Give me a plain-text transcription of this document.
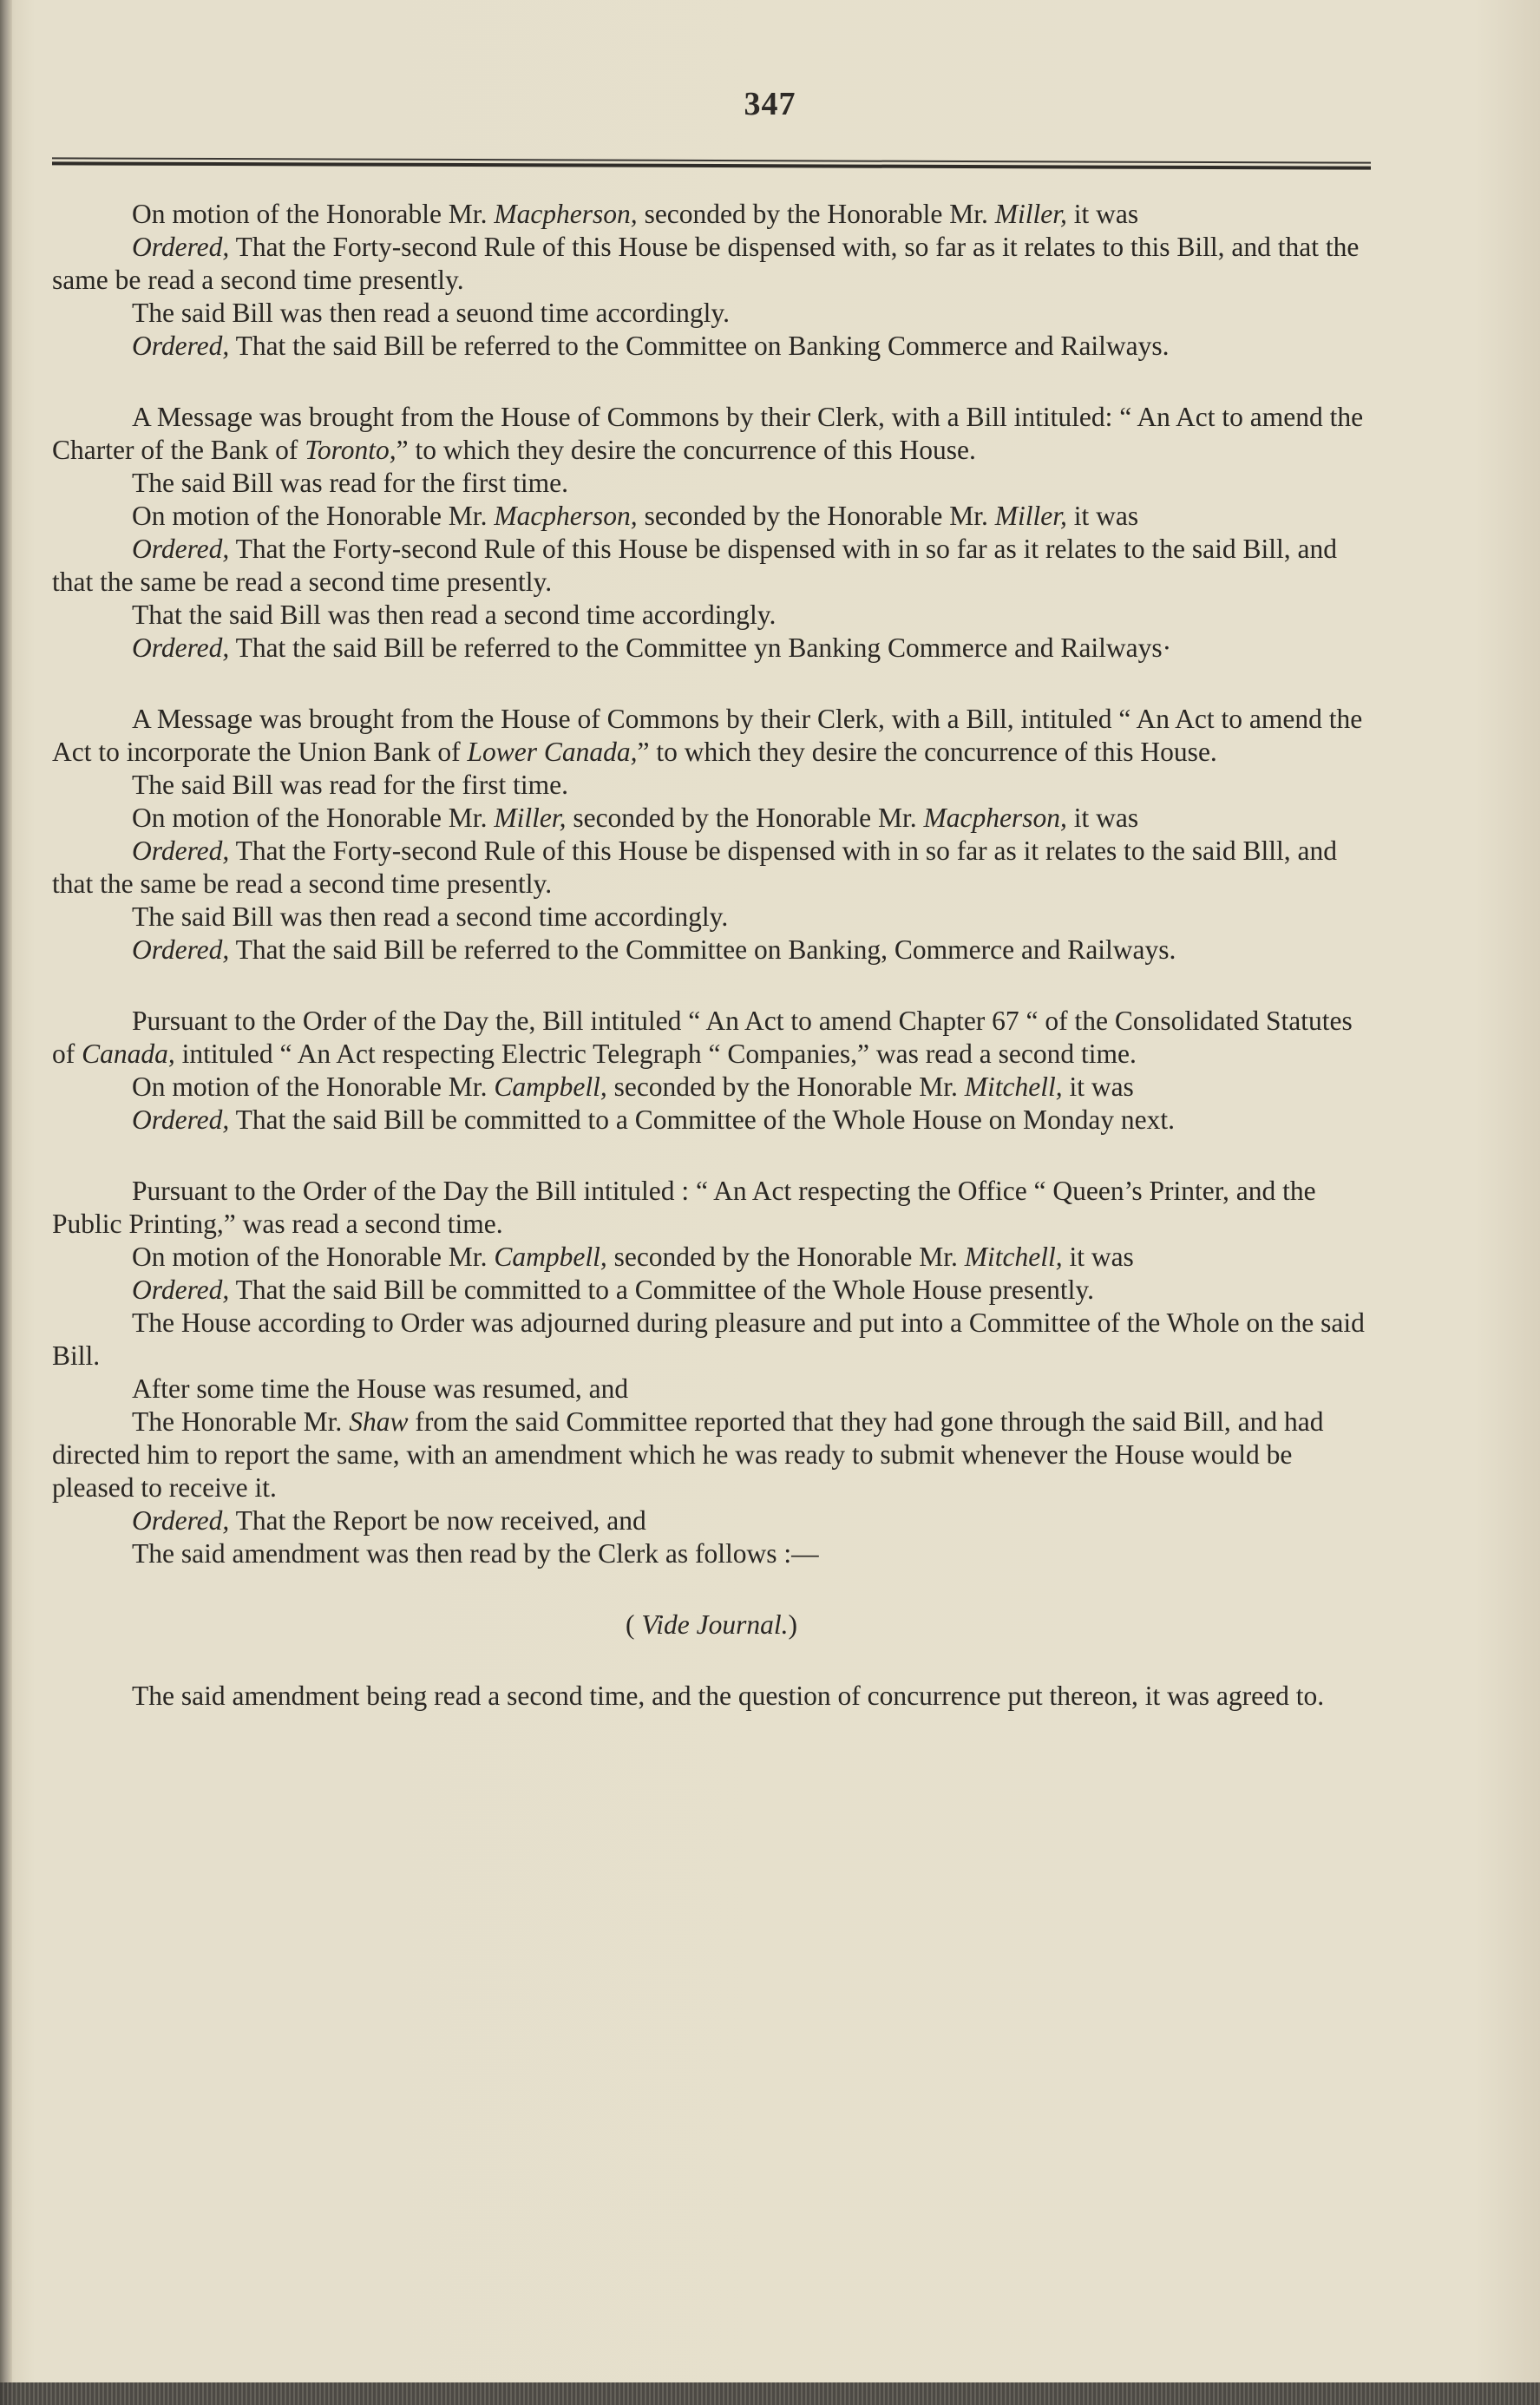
347

On motion of the Honorable Mr. Macpherson, seconded by the Honorable Mr. Miller, it was

Ordered, That the Forty-second Rule of this House be dispensed with, so far as it relates to this Bill, and that the same be read a second time presently.

The said Bill was then read a seuond time accordingly.

Ordered, That the said Bill be referred to the Committee on Banking Commerce and Railways.

A Message was brought from the House of Commons by their Clerk, with a Bill intituled: “ An Act to amend the Charter of the Bank of Toronto,” to which they desire the concurrence of this House.

The said Bill was read for the first time.

On motion of the Honorable Mr. Macpherson, seconded by the Honorable Mr. Miller, it was

Ordered, That the Forty-second Rule of this House be dispensed with in so far as it relates to the said Bill, and that the same be read a second time presently.

That the said Bill was then read a second time accordingly.

Ordered, That the said Bill be referred to the Committee yn Banking Commerce and Railways·

A Message was brought from the House of Commons by their Clerk, with a Bill, intituled “ An Act to amend the Act to incorporate the Union Bank of Lower Canada,” to which they desire the concurrence of this House.

The said Bill was read for the first time.

On motion of the Honorable Mr. Miller, seconded by the Honorable Mr. Macpherson, it was

Ordered, That the Forty-second Rule of this House be dispensed with in so far as it relates to the said Blll, and that the same be read a second time presently.

The said Bill was then read a second time accordingly.

Ordered, That the said Bill be referred to the Committee on Banking, Commerce and Railways.

Pursuant to the Order of the Day the, Bill intituled “ An Act to amend Chapter 67 “ of the Consolidated Statutes of Canada, intituled “ An Act respecting Electric Telegraph “ Companies,” was read a second time.

On motion of the Honorable Mr. Campbell, seconded by the Honorable Mr. Mitchell, it was

Ordered, That the said Bill be committed to a Committee of the Whole House on Monday next.

Pursuant to the Order of the Day the Bill intituled : “ An Act respecting the Office “ Queen’s Printer, and the Public Printing,” was read a second time.

On motion of the Honorable Mr. Campbell, seconded by the Honorable Mr. Mitchell, it was

Ordered, That the said Bill be committed to a Committee of the Whole House presently.

The House according to Order was adjourned during pleasure and put into a Committee of the Whole on the said Bill.

After some time the House was resumed, and

The Honorable Mr. Shaw from the said Committee reported that they had gone through the said Bill, and had directed him to report the same, with an amendment which he was ready to submit whenever the House would be pleased to receive it.

Ordered, That the Report be now received, and

The said amendment was then read by the Clerk as follows :—

( Vide Journal.)

The said amendment being read a second time, and the question of concurrence put thereon, it was agreed to.
